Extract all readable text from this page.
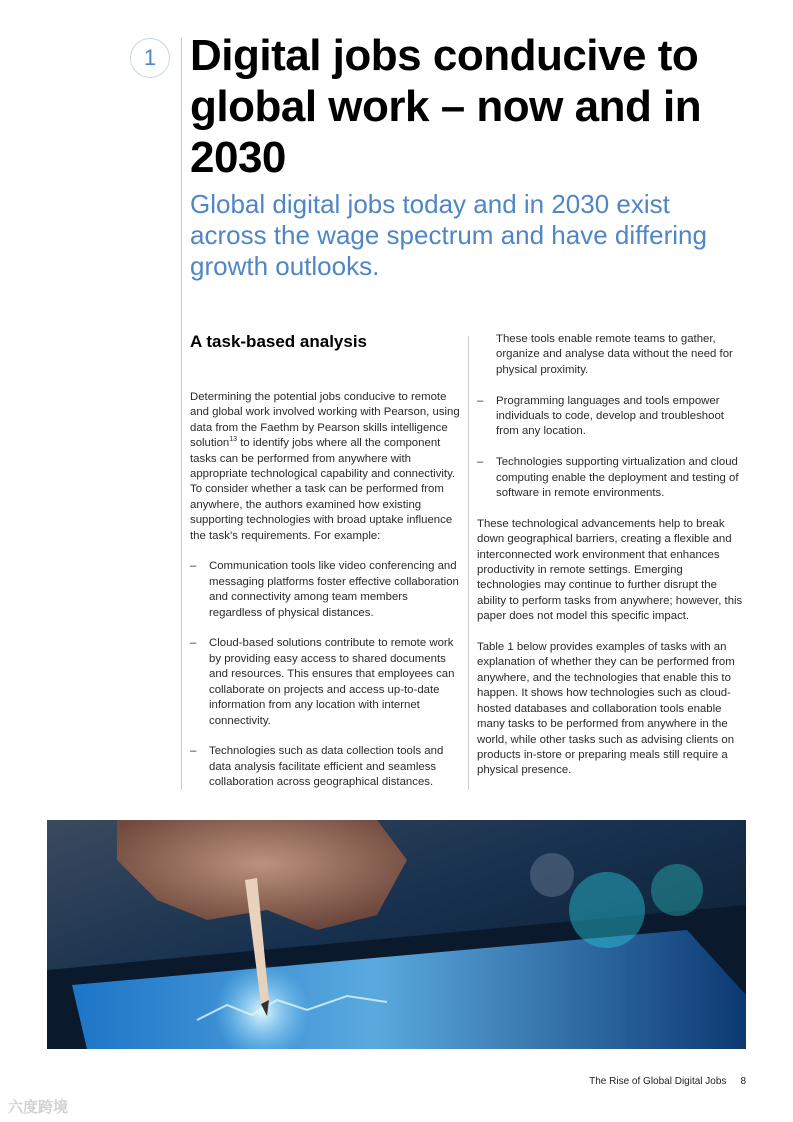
1 Digital jobs conducive to global work – now and in 2030
Global digital jobs today and in 2030 exist across the wage spectrum and have differing growth outlooks.
A task-based analysis

Determining the potential jobs conducive to remote and global work involved working with Pearson, using data from the Faethm by Pearson skills intelligence solution$^{13}$ to identify jobs where all the component tasks can be performed from anywhere with appropriate technological capability and connectivity. To consider whether a task can be performed from anywhere, the authors examined how existing supporting technologies with broad uptake influence the task’s requirements. For example:

– Communication tools like video conferencing and messaging platforms foster effective collaboration and connectivity among team members regardless of physical distances.
– Cloud-based solutions contribute to remote work by providing easy access to shared documents and resources. This ensures that employees can collaborate on projects and access up-to-date information from any location with internet connectivity.
– Technologies such as data collection tools and data analysis facilitate efficient and seamless collaboration across geographical distances.
These tools enable remote teams to gather, organize and analyse data without the need for physical proximity.
– Programming languages and tools empower individuals to code, develop and troubleshoot from any location.
– Technologies supporting virtualization and cloud computing enable the deployment and testing of software in remote environments.

These technological advancements help to break down geographical barriers, creating a flexible and interconnected work environment that enhances productivity in remote settings. Emerging technologies may continue to further disrupt the ability to perform tasks from anywhere; however, this paper does not model this specific impact.

Table 1 below provides examples of tasks with an explanation of whether they can be performed from anywhere, and the technologies that enable this to happen. It shows how technologies such as cloud-hosted databases and collaboration tools enable many tasks to be performed from anywhere in the world, while other tasks such as advising clients on products in-store or preparing meals still require a physical presence.

The Rise of Global Digital Jobs 8
六度跨境
